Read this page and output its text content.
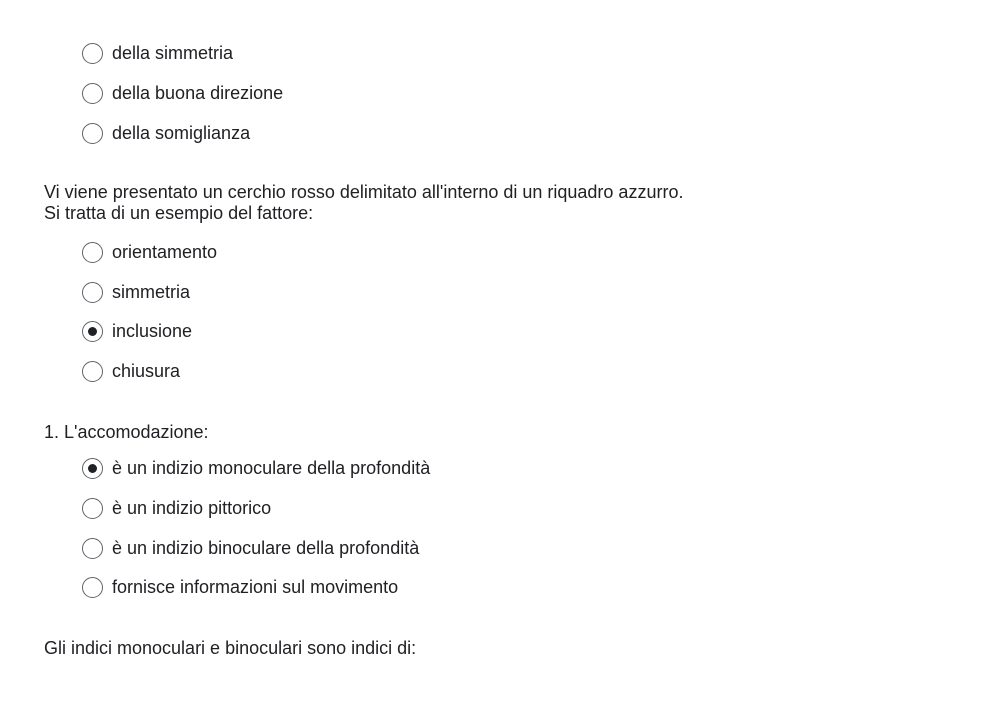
della simmetria
della buona direzione
della somiglianza
Vi viene presentato un cerchio rosso delimitato all'interno di un riquadro azzurro.
Si tratta di un esempio del fattore:
orientamento
simmetria
inclusione
chiusura
1. L'accomodazione:
è un indizio monoculare della profondità
è un indizio pittorico
è un indizio binoculare della profondità
fornisce informazioni sul movimento
Gli indici monoculari e binoculari sono indici di:
